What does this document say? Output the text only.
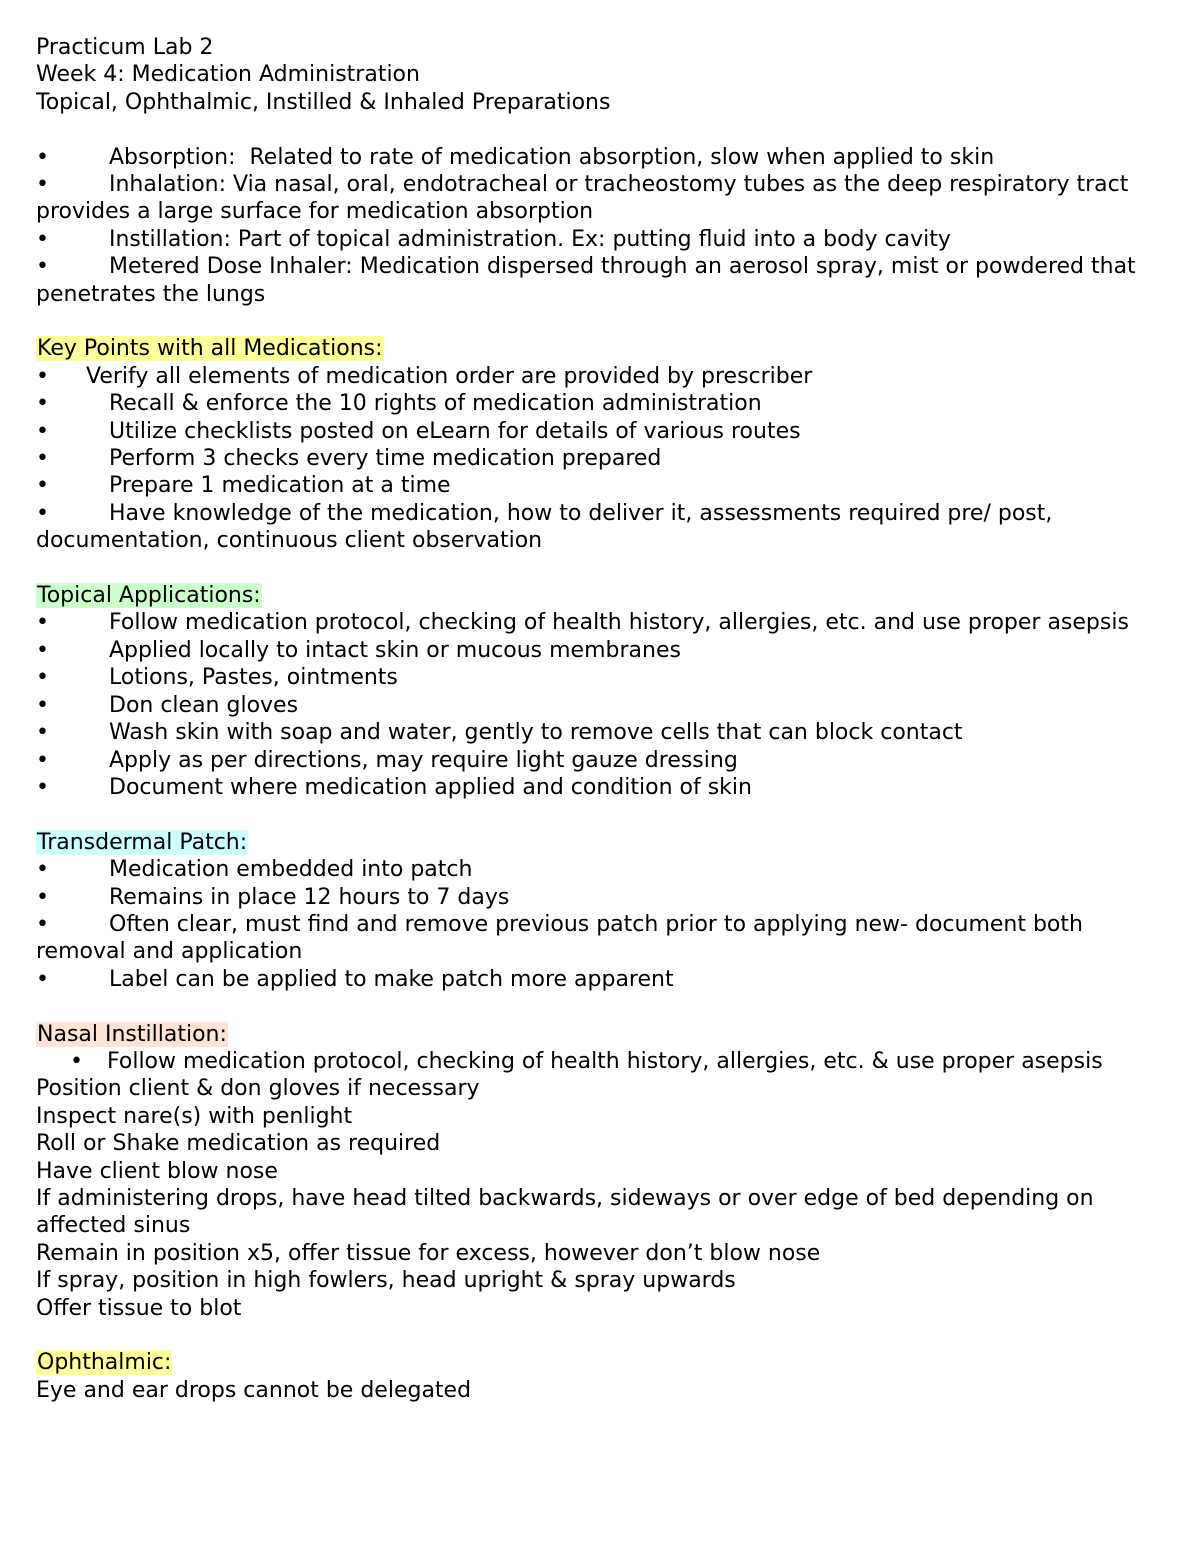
Practicum Lab 2
Week 4: Medication Administration
Topical, Ophthalmic, Instilled & Inhaled Preparations
•	Absorption:  Related to rate of medication absorption, slow when applied to skin
•	Inhalation: Via nasal, oral, endotracheal or tracheostomy tubes as the deep respiratory tract provides a large surface for medication absorption
•	Instillation: Part of topical administration. Ex: putting fluid into a body cavity
•	Metered Dose Inhaler: Medication dispersed through an aerosol spray, mist or powdered that penetrates the lungs
Key Points with all Medications:
• Verify all elements of medication order are provided by prescriber
•	Recall & enforce the 10 rights of medication administration
•	Utilize checklists posted on eLearn for details of various routes
•	Perform 3 checks every time medication prepared
•	Prepare 1 medication at a time
•	Have knowledge of the medication, how to deliver it, assessments required pre/ post, documentation, continuous client observation
Topical Applications:
•	Follow medication protocol, checking of health history, allergies, etc. and use proper asepsis
•	Applied locally to intact skin or mucous membranes
•	Lotions, Pastes, ointments
•	Don clean gloves
•	Wash skin with soap and water, gently to remove cells that can block contact
•	Apply as per directions, may require light gauze dressing
•	Document where medication applied and condition of skin
Transdermal Patch:
•	Medication embedded into patch
•	Remains in place 12 hours to 7 days
•	Often clear, must find and remove previous patch prior to applying new- document both removal and application
•	Label can be applied to make patch more apparent
Nasal Instillation:
• Follow medication protocol, checking of health history, allergies, etc. & use proper asepsis
Position client & don gloves if necessary
Inspect nare(s) with penlight
Roll or Shake medication as required
Have client blow nose
If administering drops, have head tilted backwards, sideways or over edge of bed depending on affected sinus
Remain in position x5, offer tissue for excess, however don’t blow nose
If spray, position in high fowlers, head upright & spray upwards
Offer tissue to blot
Ophthalmic:
Eye and ear drops cannot be delegated
